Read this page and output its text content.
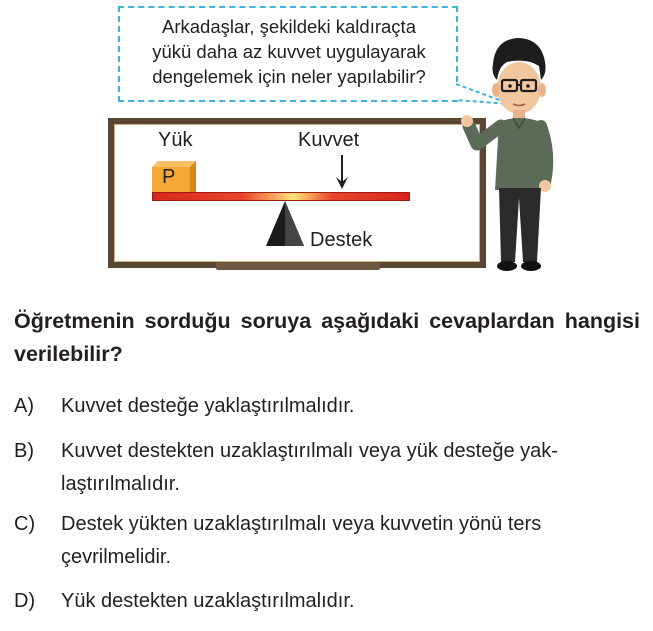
Arkadaşlar, şekildeki kaldıraçta
yükü daha az kuvvet uygulayarak
dengelemek için neler yapılabilir?
Yük	Kuvvet
Destek
P
Öğretmenin sorduğu soruya aşağıdaki cevaplardan hangisi verilebilir?
A) Kuvvet desteğe yaklaştırılmalıdır.
B) Kuvvet destekten uzaklaştırılmalı veya yük desteğe yak-
laştırılmalıdır.
C) Destek yükten uzaklaştırılmalı veya kuvvetin yönü ters
çevrilmelidir.
D) Yük destekten uzaklaştırılmalıdır.
